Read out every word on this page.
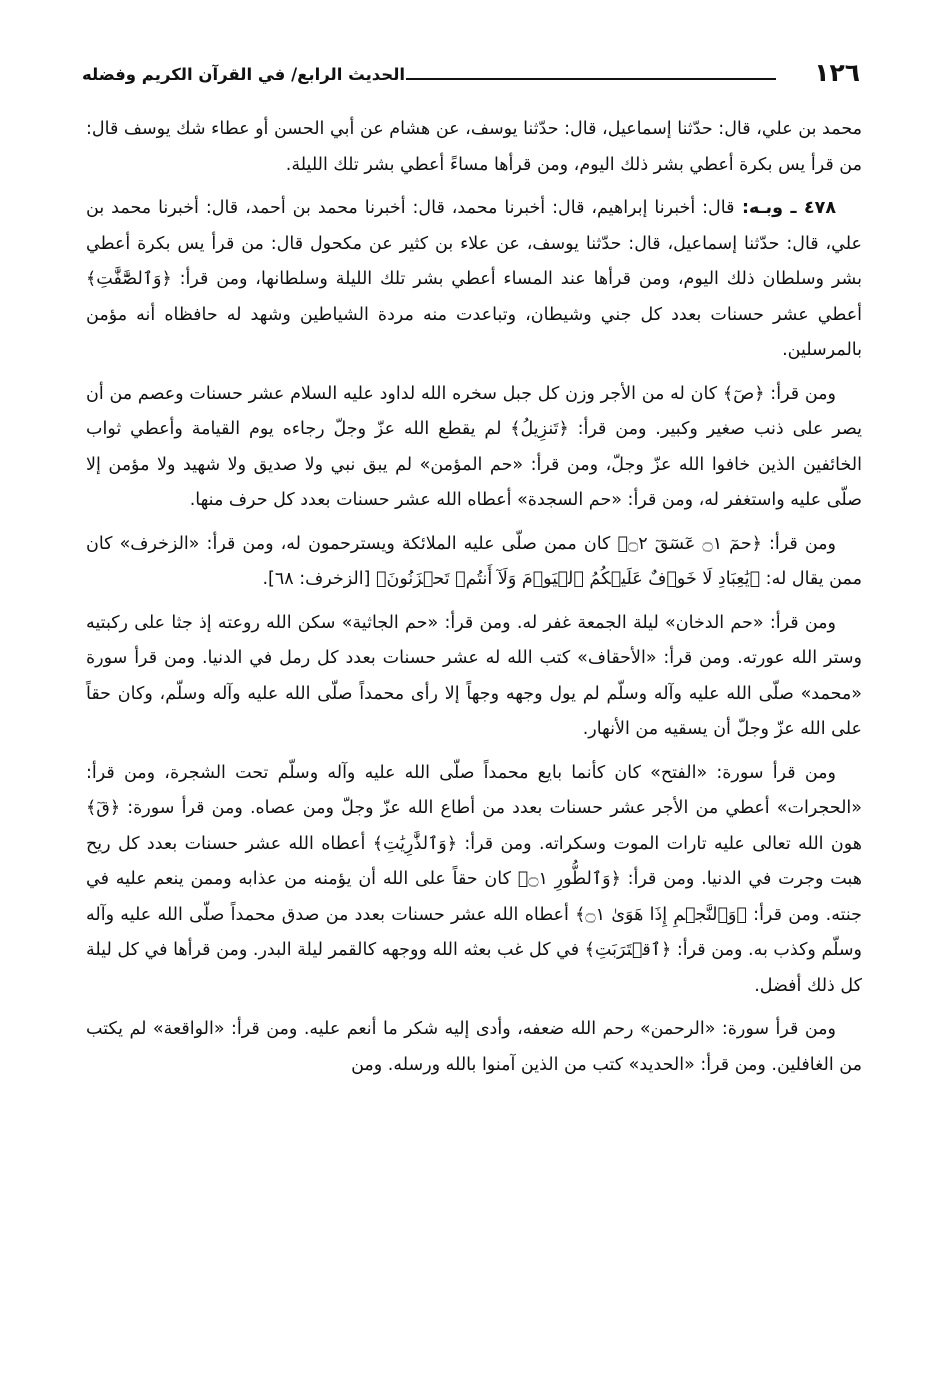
١٢٦
الحديث الرابع/ في القرآن الكريم وفضله

محمد بن علي، قال: حدّثنا إسماعيل، قال: حدّثنا يوسف، عن هشام عن أبي الحسن أو عطاء شك يوسف قال: من قرأ يس بكرة أعطي بشر ذلك اليوم، ومن قرأها مساءً أعطي بشر تلك الليلة.

٤٧٨ ـ وبـه: قال: أخبرنا إبراهيم، قال: أخبرنا محمد، قال: أخبرنا محمد بن أحمد، قال: أخبرنا محمد بن علي، قال: حدّثنا إسماعيل، قال: حدّثنا يوسف، عن علاء بن كثير عن مكحول قال: من قرأ يس بكرة أعطي بشر وسلطان ذلك اليوم، ومن قرأها عند المساء أعطي بشر تلك الليلة وسلطانها، ومن قرأ: ﴿وَٱلصَّٰٓفَّٰتِ﴾ أعطي عشر حسنات بعدد كل جني وشيطان، وتباعدت منه مردة الشياطين وشهد له حافظاه أنه مؤمن بالمرسلين.

ومن قرأ: ﴿صٓ﴾ كان له من الأجر وزن كل جبل سخره الله لداود عليه السلام عشر حسنات وعصم من أن يصر على ذنب صغير وكبير. ومن قرأ: ﴿تَنزِيلُ﴾ لم يقطع الله عزّ وجلّ رجاءه يوم القيامة وأعطي ثواب الخائفين الذين خافوا الله عزّ وجلّ، ومن قرأ: «حم المؤمن» لم يبق نبي ولا صديق ولا شهيد ولا مؤمن إلا صلّى عليه واستغفر له، ومن قرأ: «حم السجدة» أعطاه الله عشر حسنات بعدد كل حرف منها.

ومن قرأ: ﴿حمٓ ۝١ عٓسٓقٓ ۝٢﴾ كان ممن صلّى عليه الملائكة ويسترحمون له، ومن قرأ: «الزخرف» كان ممن يقال له: ﴿يَٰعِبَادِ لَا خَوۡفٌ عَلَيۡكُمُ ٱلۡيَوۡمَ وَلَآ أَنتُمۡ تَحۡزَنُونَ﴾ [الزخرف: ٦٨].

ومن قرأ: «حم الدخان» ليلة الجمعة غفر له. ومن قرأ: «حم الجاثية» سكن الله روعته إذ جثا على ركبتيه وستر الله عورته. ومن قرأ: «الأحقاف» كتب الله له عشر حسنات بعدد كل رمل في الدنيا. ومن قرأ سورة «محمد» صلّى الله عليه وآله وسلّم لم يول وجهه وجهاً إلا رأى محمداً صلّى الله عليه وآله وسلّم، وكان حقاً على الله عزّ وجلّ أن يسقيه من الأنهار.

ومن قرأ سورة: «الفتح» كان كأنما بايع محمداً صلّى الله عليه وآله وسلّم تحت الشجرة، ومن قرأ: «الحجرات» أعطي من الأجر عشر حسنات بعدد من أطاع الله عزّ وجلّ ومن عصاه. ومن قرأ سورة: ﴿قٓ﴾ هون الله تعالى عليه تارات الموت وسكراته. ومن قرأ: ﴿وَٱلذَّٰرِيَٰتِ﴾ أعطاه الله عشر حسنات بعدد كل ريح هبت وجرت في الدنيا. ومن قرأ: ﴿وَٱلطُّورِ ۝١﴾ كان حقاً على الله أن يؤمنه من عذابه وممن ينعم عليه في جنته. ومن قرأ: ﴿وَٱلنَّجۡمِ إِذَا هَوَىٰ ۝١﴾ أعطاه الله عشر حسنات بعدد من صدق محمداً صلّى الله عليه وآله وسلّم وكذب به. ومن قرأ: ﴿ٱقۡتَرَبَتِ﴾ في كل غب بعثه الله ووجهه كالقمر ليلة البدر. ومن قرأها في كل ليلة كل ذلك أفضل.

ومن قرأ سورة: «الرحمن» رحم الله ضعفه، وأدى إليه شكر ما أنعم عليه. ومن قرأ: «الواقعة» لم يكتب من الغافلين. ومن قرأ: «الحديد» كتب من الذين آمنوا بالله ورسله. ومن
